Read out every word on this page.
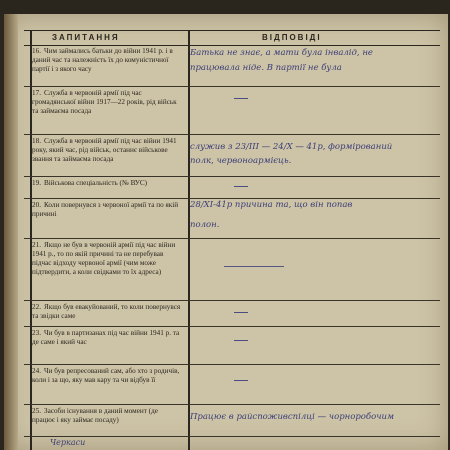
ЗАПИТАННЯ	ВІДПОВІДІ
16. Чим займались батьки до війни 1941 р. і в даний час та належність їх до комуністичної партії і з якого часу
Батька не знає, а мати була інвалід, не
працювала ніде. В партії не була
17. Служба в червоній армії під час громадянської війни 1917—22 років, рід військ та займаєма посада
18. Служба в червоній армії під час війни 1941 року, який час, рід військ, останнє військове звання та займаєма посада
служив з 23/ІІІ — 24/Х — 41р, формірований
полк, червоноармієць.
19. Військова спеціальність (№ ВУС)
20. Коли повернувся з червоної армії та по якій причині
28/ХІ-41р причина та, що він попав
полон.
21. Якщо не був в червоній армії під час війни 1941 р., то по якій причині та не перебував підчас відходу червоної армії (чим може підтвердити, а коли свідками то їх адреса)
22. Якщо був евакуйований, то коли повернувся та звідки саме
23. Чи був в партизанах під час війни 1941 р. та де саме і який час
24. Чи був репресований сам, або хто з родичів, коли і за що, яку мав кару та чи відбув її
25. Засоби існування в даний момент (де працює і яку займає посаду)	Працює в райспоживспілці — чорноробочим
Черкаси
